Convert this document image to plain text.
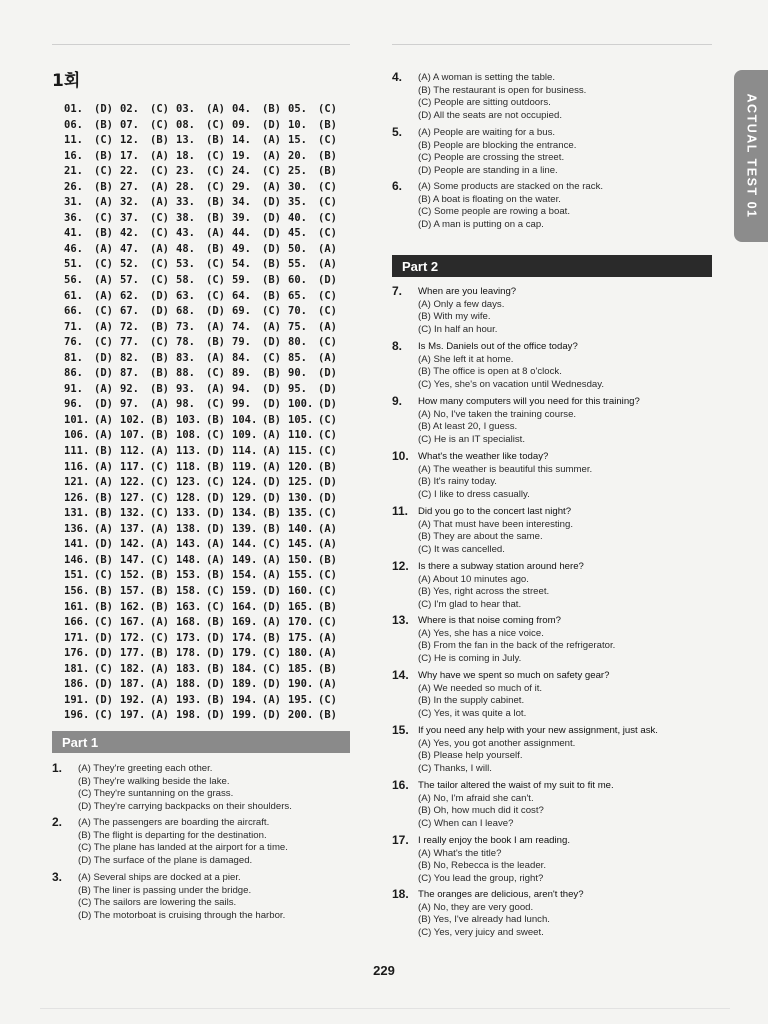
1회
01.	(D) 02.	(C) 03.	(A) 04.	(B) 05.	(C)
06.	(B) 07.	(C) 08.	(C) 09.	(D) 10.	(B)
11.	(C) 12.	(B) 13.	(B) 14.	(A) 15.	(C)
16.	(B) 17.	(A) 18.	(C) 19.	(A) 20.	(B)
21.	(C) 22.	(C) 23.	(C) 24.	(C) 25.	(B)
26.	(B) 27.	(A) 28.	(C) 29.	(A) 30.	(C)
31.	(A) 32.	(A) 33.	(B) 34.	(D) 35.	(C)
36.	(C) 37.	(C) 38.	(B) 39.	(D) 40.	(C)
41.	(B) 42.	(C) 43.	(A) 44.	(D) 45.	(C)
46.	(A) 47.	(A) 48.	(B) 49.	(D) 50.	(A)
51.	(C) 52.	(C) 53.	(C) 54.	(B) 55.	(A)
56.	(A) 57.	(C) 58.	(C) 59.	(B) 60.	(D)
61.	(A) 62.	(D) 63.	(C) 64.	(B) 65.	(C)
66.	(C) 67.	(D) 68.	(D) 69.	(C) 70.	(C)
71.	(A) 72.	(B) 73.	(A) 74.	(A) 75.	(A)
76.	(C) 77.	(C) 78.	(B) 79.	(D) 80.	(C)
81.	(D) 82.	(B) 83.	(A) 84.	(C) 85.	(A)
86.	(D) 87.	(B) 88.	(C) 89.	(B) 90.	(D)
91.	(A) 92.	(B) 93.	(A) 94.	(D) 95.	(D)
96.	(D) 97.	(A) 98.	(C) 99.	(D) 100. (D)
101. (A) 102. (B) 103. (B) 104. (B) 105. (C)
106. (A) 107. (B) 108. (C) 109. (A) 110. (C)
111. (B) 112. (A) 113. (D) 114. (A) 115. (C)
116. (A) 117. (C) 118. (B) 119. (A) 120. (B)
121. (A) 122. (C) 123. (C) 124. (D) 125. (D)
126. (B) 127. (C) 128. (D) 129. (D) 130. (D)
131. (B) 132. (C) 133. (D) 134. (B) 135. (C)
136. (A) 137. (A) 138. (D) 139. (B) 140. (A)
141. (D) 142. (A) 143. (A) 144. (C) 145. (A)
146. (B) 147. (C) 148. (A) 149. (A) 150. (B)
151. (C) 152. (B) 153. (B) 154. (A) 155. (C)
156. (B) 157. (B) 158. (C) 159. (D) 160. (C)
161. (B) 162. (B) 163. (C) 164. (D) 165. (B)
166. (C) 167. (A) 168. (B) 169. (A) 170. (C)
171. (D) 172. (C) 173. (D) 174. (B) 175. (A)
176. (D) 177. (B) 178. (D) 179. (C) 180. (A)
181. (C) 182. (A) 183. (B) 184. (C) 185. (B)
186. (D) 187. (A) 188. (D) 189. (D) 190. (A)
191. (D) 192. (A) 193. (B) 194. (A) 195. (C)
196. (C) 197. (A) 198. (D) 199. (D) 200. (B)
Part 1
Part 2
1. (A) They're greeting each other.
(B) They're walking beside the lake.
(C) They're suntanning on the grass.
(D) They're carrying backpacks on their shoulders.
2. (A) The passengers are boarding the aircraft.
(B) The flight is departing for the destination.
(C) The plane has landed at the airport for a time.
(D) The surface of the plane is damaged.
3. (A) Several ships are docked at a pier.
(B) The liner is passing under the bridge.
(C) The sailors are lowering the sails.
(D) The motorboat is cruising through the harbor.
4. (A) A woman is setting the table.
(B) The restaurant is open for business.
(C) People are sitting outdoors.
(D) All the seats are not occupied.
5. (A) People are waiting for a bus.
(B) People are blocking the entrance.
(C) People are crossing the street.
(D) People are standing in a line.
6. (A) Some products are stacked on the rack.
(B) A boat is floating on the water.
(C) Some people are rowing a boat.
(D) A man is putting on a cap.
7. When are you leaving?
(A) Only a few days.
(B) With my wife.
(C) In half an hour.
8. Is Ms. Daniels out of the office today?
(A) She left it at home.
(B) The office is open at 8 o'clock.
(C) Yes, she's on vacation until Wednesday.
9. How many computers will you need for this training?
(A) No, I've taken the training course.
(B) At least 20, I guess.
(C) He is an IT specialist.
10. What's the weather like today?
(A) The weather is beautiful this summer.
(B) It's rainy today.
(C) I like to dress casually.
11. Did you go to the concert last night?
(A) That must have been interesting.
(B) They are about the same.
(C) It was cancelled.
12. Is there a subway station around here?
(A) About 10 minutes ago.
(B) Yes, right across the street.
(C) I'm glad to hear that.
13. Where is that noise coming from?
(A) Yes, she has a nice voice.
(B) From the fan in the back of the refrigerator.
(C) He is coming in July.
14. Why have we spent so much on safety gear?
(A) We needed so much of it.
(B) In the supply cabinet.
(C) Yes, it was quite a lot.
15. If you need any help with your new assignment, just ask.
(A) Yes, you got another assignment.
(B) Please help yourself.
(C) Thanks, I will.
16. The tailor altered the waist of my suit to fit me.
(A) No, I'm afraid she can't.
(B) Oh, how much did it cost?
(C) When can I leave?
17. I really enjoy the book I am reading.
(A) What's the title?
(B) No, Rebecca is the leader.
(C) You lead the group, right?
18. The oranges are delicious, aren't they?
(A) No, they are very good.
(B) Yes, I've already had lunch.
(C) Yes, very juicy and sweet.
ACTUAL TEST 01
229
